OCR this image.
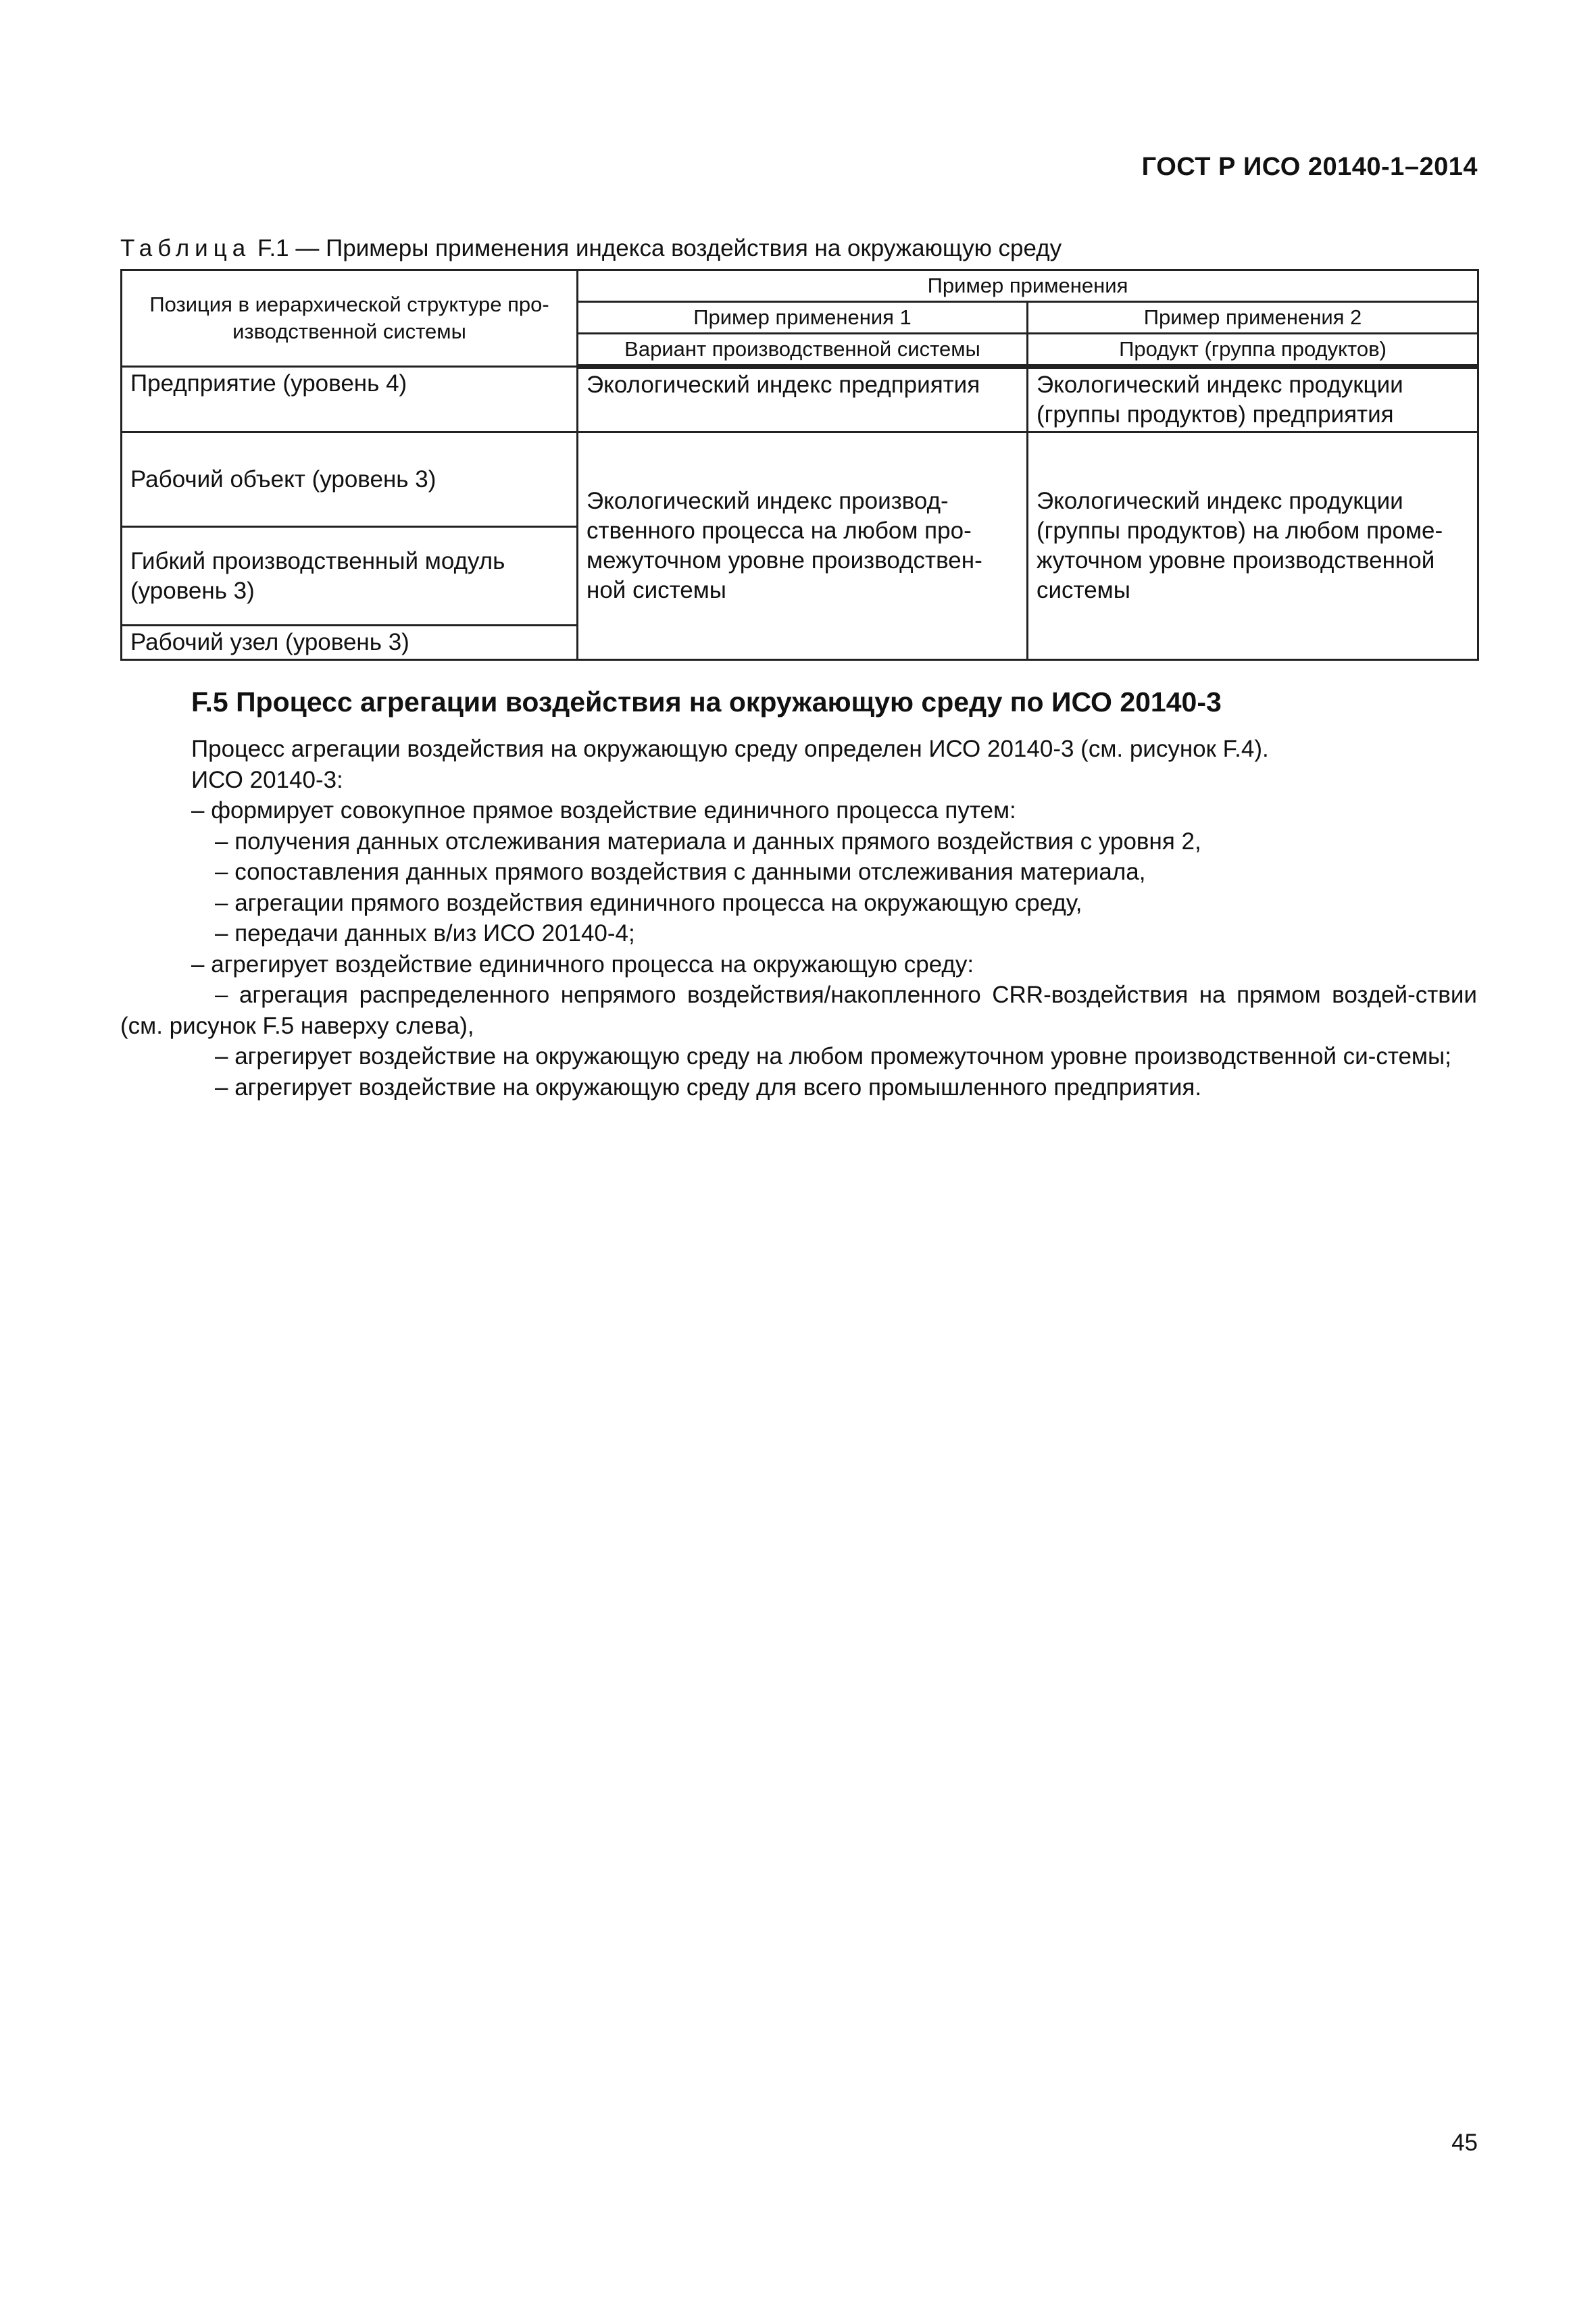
ГОСТ Р ИСО 20140-1–2014
Таблица F.1 — Примеры применения индекса воздействия на окружающую среду
Позиция в иерархической структуре про-изводственной системы	Пример применения	
	Пример применения 1	Пример применения 2
	Вариант производственной системы	Продукт (группа продуктов)
Предприятие (уровень 4)	Экологический индекс предприятия	Экологический индекс продукции (группы продуктов) предприятия
Рабочий объект (уровень 3)	Экологический индекс производ-ственного процесса на любом про-межуточном уровне производствен-ной системы	Экологический индекс продукции (группы продуктов) на любом проме-жуточном уровне производственной системы
Гибкий производственный модуль (уровень 3)		
Рабочий узел (уровень 3)		
F.5 Процесс агрегации воздействия на окружающую среду по ИСО 20140-3

Процесс агрегации воздействия на окружающую среду определен ИСО 20140-3 (см. рисунок F.4).

ИСО 20140-3:

– формирует совокупное прямое воздействие единичного процесса путем:

– получения данных отслеживания материала и данных прямого воздействия с уровня 2,

– сопоставления данных прямого воздействия с данными отслеживания материала,

– агрегации прямого воздействия единичного процесса на окружающую среду,

– передачи данных в/из ИСО 20140-4;

– агрегирует воздействие единичного процесса на окружающую среду:

– агрегация распределенного непрямого воздействия/накопленного CRR-воздействия на прямом воздей-ствии (см. рисунок F.5 наверху слева),

– агрегирует воздействие на окружающую среду на любом промежуточном уровне производственной си-стемы;

– агрегирует воздействие на окружающую среду для всего промышленного предприятия.

45
